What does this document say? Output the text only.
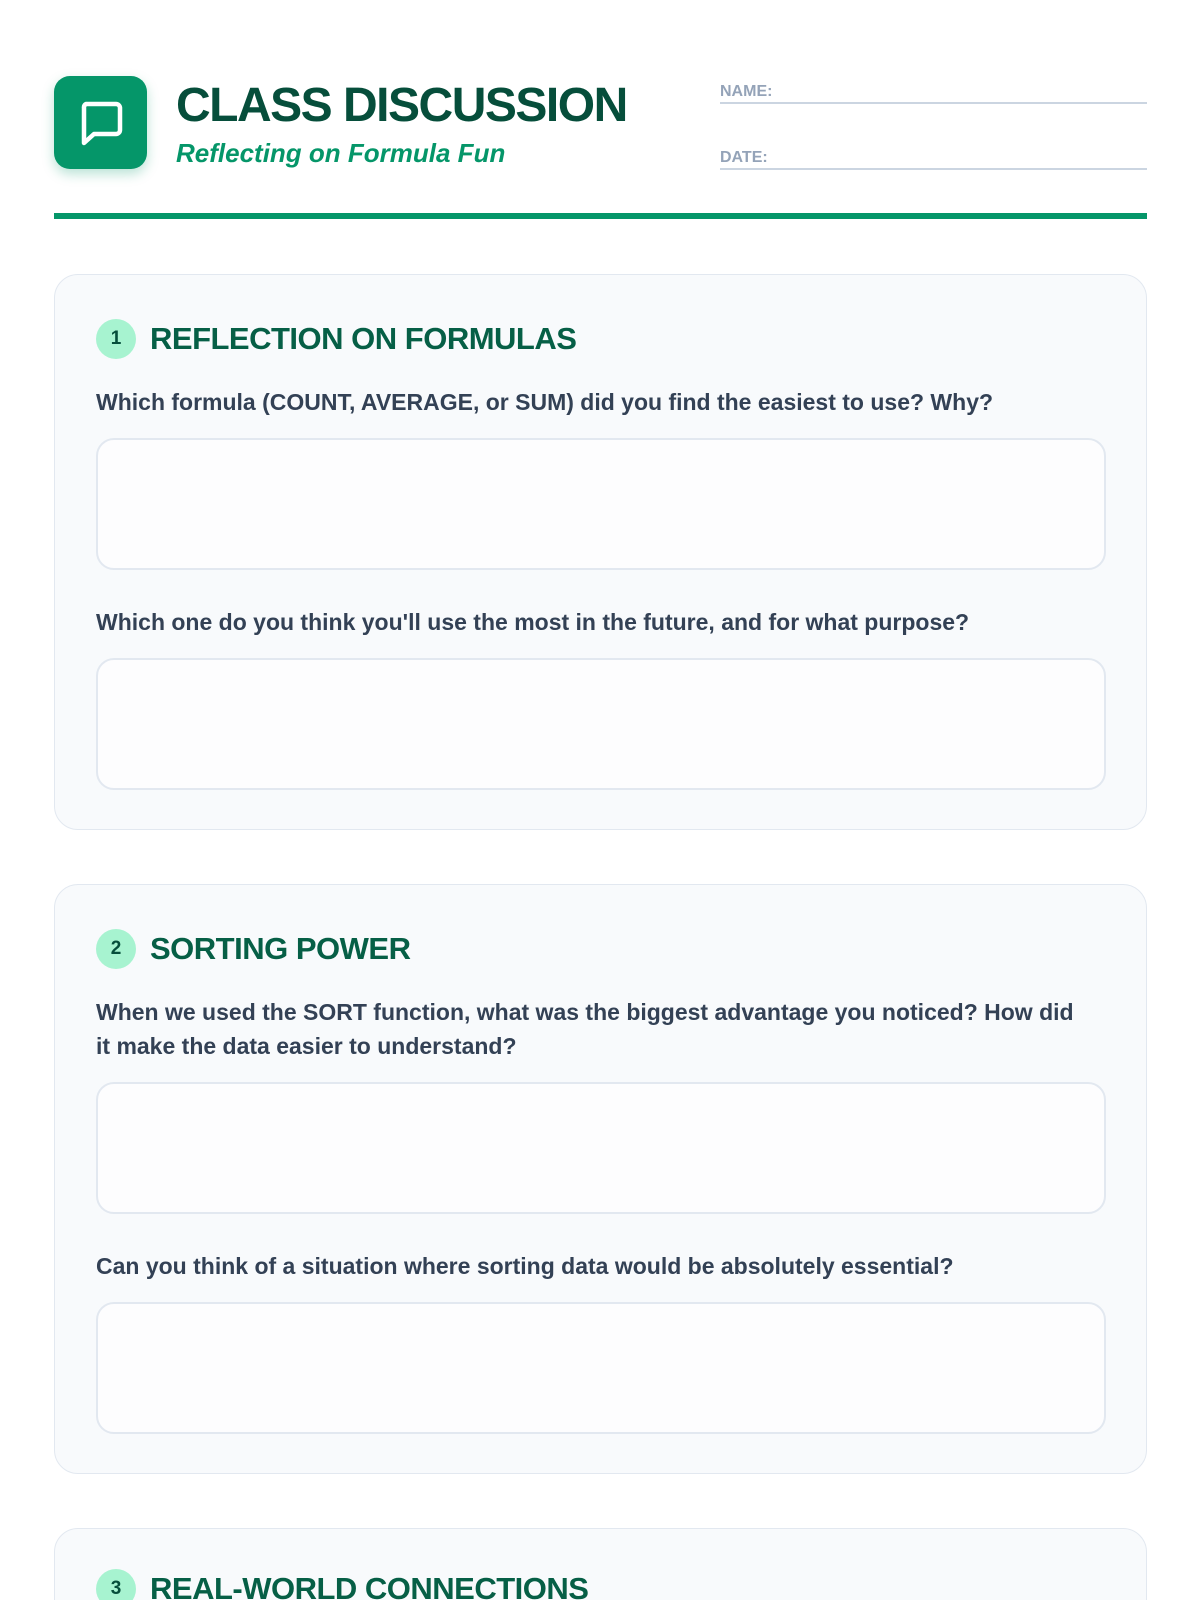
CLASS DISCUSSION
Reflecting on Formula Fun
NAME:
DATE:
1 REFLECTION ON FORMULAS
Which formula (COUNT, AVERAGE, or SUM) did you find the easiest to use? Why?
Which one do you think you'll use the most in the future, and for what purpose?
2 SORTING POWER
When we used the SORT function, what was the biggest advantage you noticed? How did it make the data easier to understand?
Can you think of a situation where sorting data would be absolutely essential?
3 REAL-WORLD CONNECTIONS
